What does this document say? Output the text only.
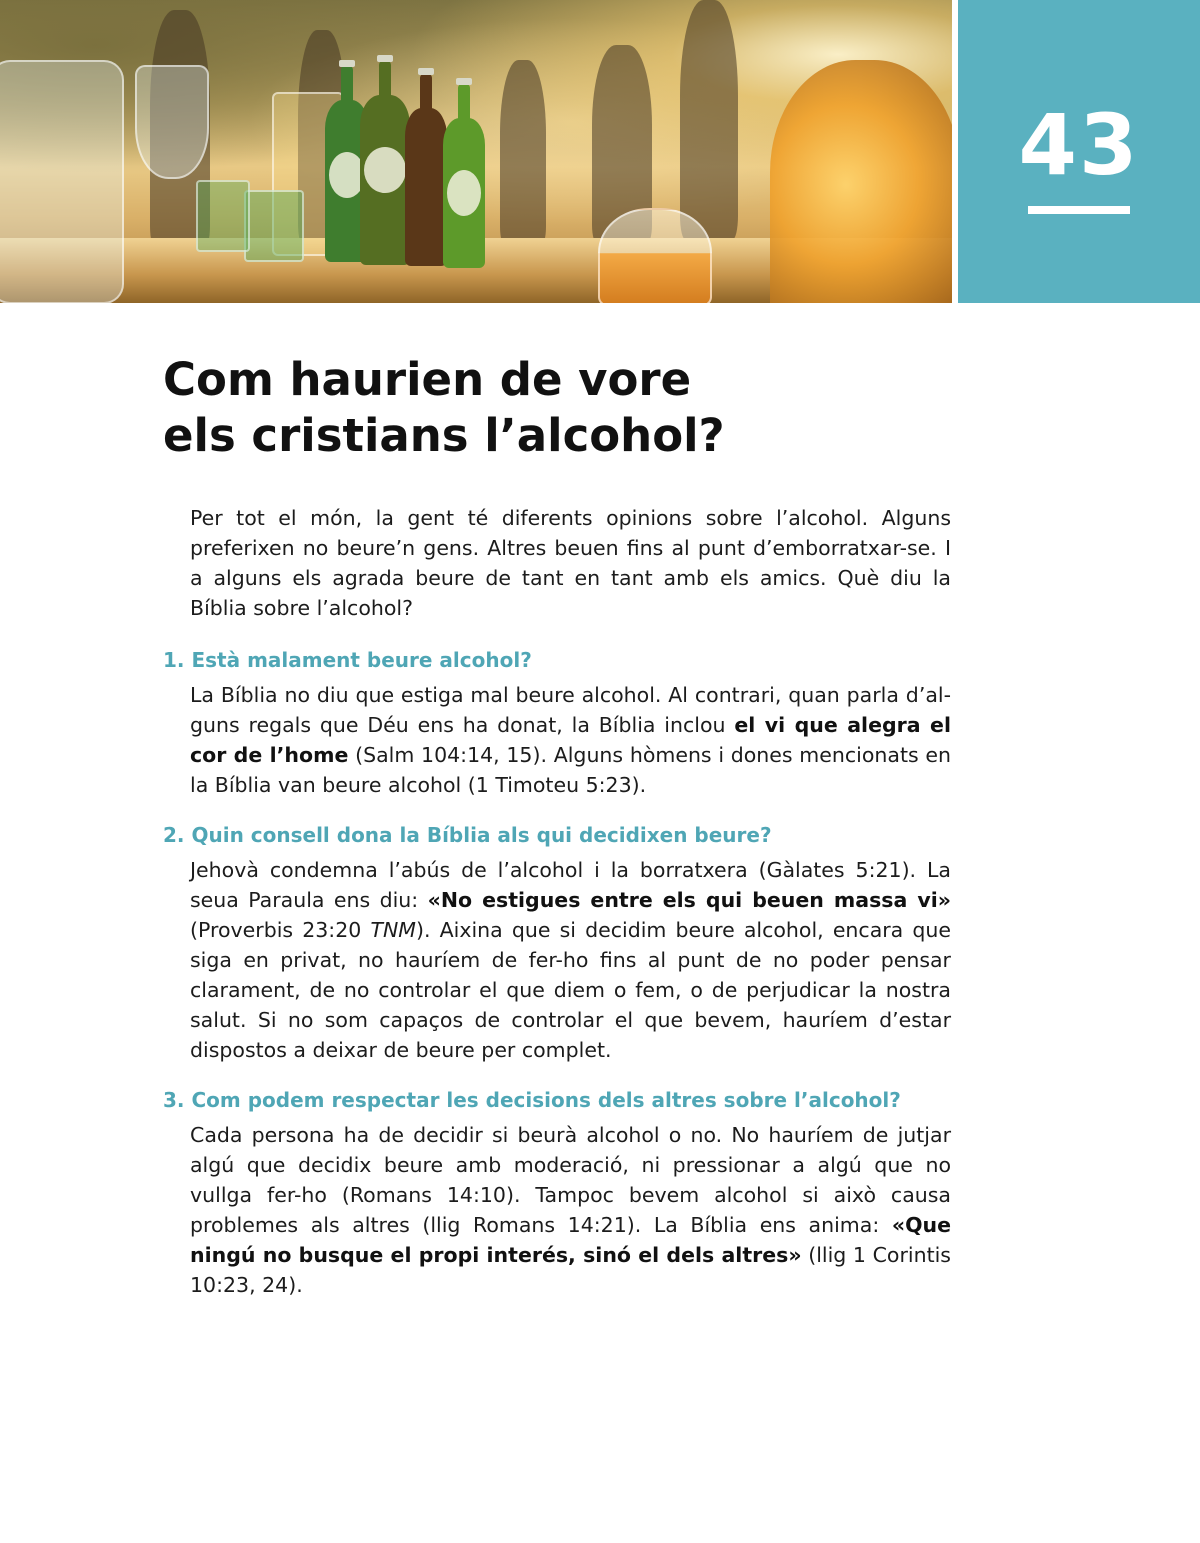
43
Com haurien de vore
els cristians l’alcohol?

Per tot el món, la gent té diferents opinions sobre l’alcohol. Alguns preferixen no beure’n gens. Altres beuen fins al punt d’emborratxar-se. I a alguns els agrada beure de tant en tant amb els amics. Què diu la Bíblia sobre l’alcohol?

1. Està malament beure alcohol?

La Bíblia no diu que estiga mal beure alcohol. Al contrari, quan parla d’alguns regals que Déu ens ha donat, la Bíblia inclou el vi que alegra el cor de l’home (Salm 104:14, 15). Alguns hòmens i dones mencionats en la Bíblia van beure alcohol (1 Timoteu 5:23).

2. Quin consell dona la Bíblia als qui decidixen beure?

Jehovà condemna l’abús de l’alcohol i la borratxera (Gàlates 5:21). La seua Paraula ens diu: «No estigues entre els qui beuen massa vi» (Proverbis 23:20 TNM). Aixina que si decidim beure alcohol, encara que siga en privat, no hauríem de fer-ho fins al punt de no poder pensar clarament, de no controlar el que diem o fem, o de perjudicar la nostra salut. Si no som capaços de controlar el que bevem, hauríem d’estar dispostos a deixar de beure per complet.

3. Com podem respectar les decisions dels altres sobre l’alcohol?

Cada persona ha de decidir si beurà alcohol o no. No hauríem de jutjar algú que decidix beure amb moderació, ni pressionar a algú que no vullga fer-ho (Romans 14:10). Tampoc bevem alcohol si això causa problemes als altres (llig Romans 14:21). La Bíblia ens anima: «Que ningú no busque el propi interés, sinó el dels altres» (llig 1 Corintis 10:23, 24).
